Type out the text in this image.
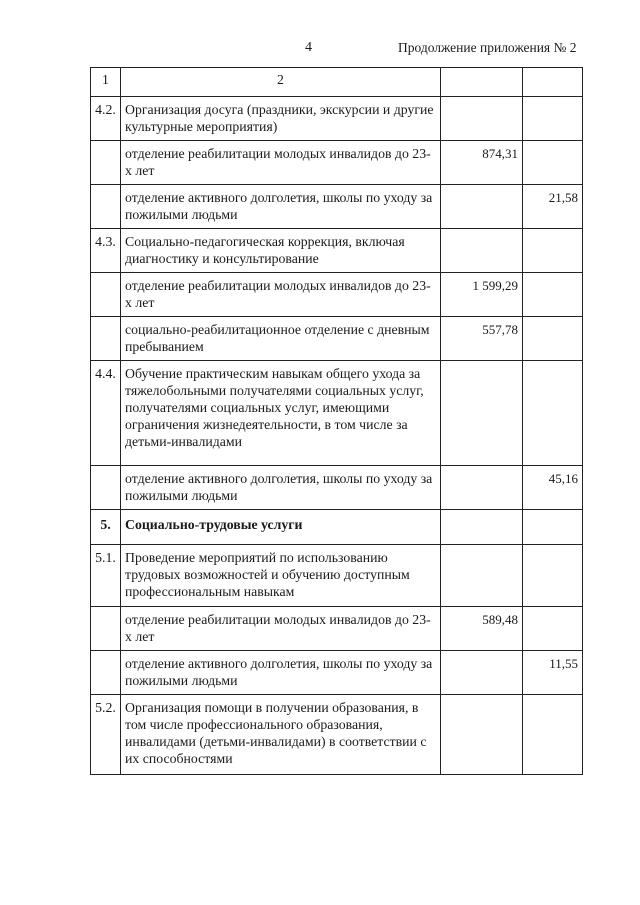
4	Продолжение приложения № 2
1	2		
4.2.	Организация досуга (праздники, экскурсии и другие культурные мероприятия)		
	отделение реабилитации молодых инвалидов до 23-х лет	874,31	
	отделение активного долголетия, школы по уходу за пожилыми людьми		21,58
4.3.	Социально-педагогическая коррекция, включая диагностику и консультирование		
	отделение реабилитации молодых инвалидов до 23-х лет	1 599,29	
	социально-реабилитационное отделение с дневным пребыванием	557,78	
4.4.	Обучение практическим навыкам общего ухода за тяжелобольными получателями социальных услуг, получателями социальных услуг, имеющими ограничения жизнедеятельности, в том числе за детьми-инвалидами		
	отделение активного долголетия, школы по уходу за пожилыми людьми		45,16
5.	Социально-трудовые услуги		
5.1.	Проведение мероприятий по использованию трудовых возможностей и обучению доступным профессиональным навыкам		
	отделение реабилитации молодых инвалидов до 23-х лет	589,48	
	отделение активного долголетия, школы по уходу за пожилыми людьми		11,55
5.2.	Организация помощи в получении образования, в том числе профессионального образования, инвалидами (детьми-инвалидами) в соответствии с их способностями		
